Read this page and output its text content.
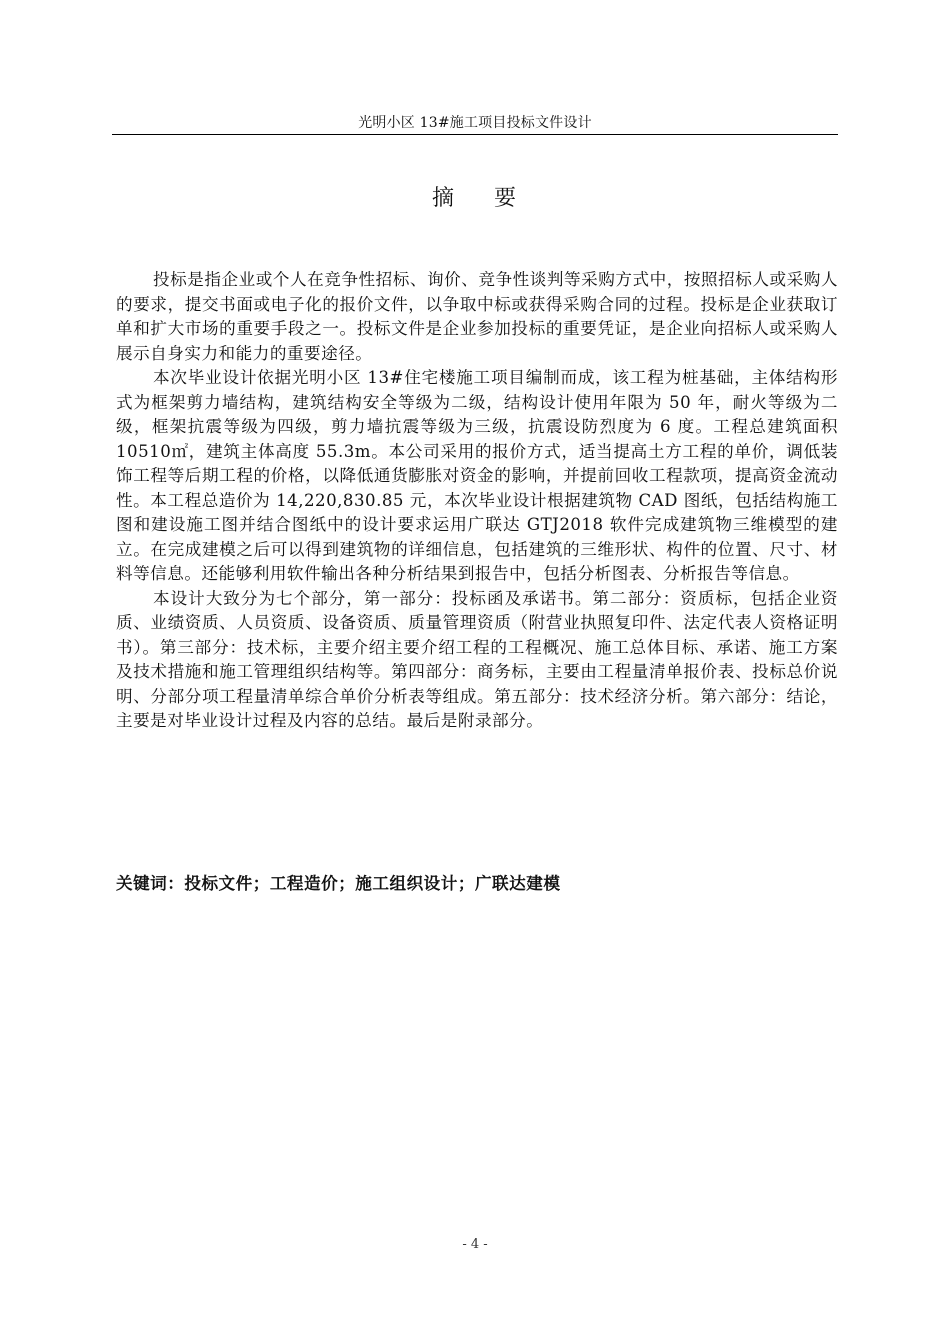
光明小区 13#施工项目投标文件设计
摘 要

投标是指企业或个人在竞争性招标、询价、竞争性谈判等采购方式中，按照招标人或采购人的要求，提交书面或电子化的报价文件，以争取中标或获得采购合同的过程。投标是企业获取订单和扩大市场的重要手段之一。投标文件是企业参加投标的重要凭证，是企业向招标人或采购人展示自身实力和能力的重要途径。

本次毕业设计依据光明小区 13#住宅楼施工项目编制而成，该工程为桩基础，主体结构形式为框架剪力墙结构，建筑结构安全等级为二级，结构设计使用年限为 50 年，耐火等级为二级，框架抗震等级为四级，剪力墙抗震等级为三级，抗震设防烈度为 6 度。工程总建筑面积 10510㎡，建筑主体高度 55.3m。本公司采用的报价方式，适当提高土方工程的单价，调低装饰工程等后期工程的价格，以降低通货膨胀对资金的影响，并提前回收工程款项，提高资金流动性。本工程总造价为 14,220,830.85 元，本次毕业设计根据建筑物 CAD 图纸，包括结构施工图和建设施工图并结合图纸中的设计要求运用广联达 GTJ2018 软件完成建筑物三维模型的建立。在完成建模之后可以得到建筑物的详细信息，包括建筑的三维形状、构件的位置、尺寸、材料等信息。还能够利用软件输出各种分析结果到报告中，包括分析图表、分析报告等信息。

本设计大致分为七个部分，第一部分：投标函及承诺书。第二部分：资质标，包括企业资质、业绩资质、人员资质、设备资质、质量管理资质（附营业执照复印件、法定代表人资格证明书）。第三部分：技术标，主要介绍主要介绍工程的工程概况、施工总体目标、承诺、施工方案及技术措施和施工管理组织结构等。第四部分：商务标，主要由工程量清单报价表、投标总价说明、分部分项工程量清单综合单价分析表等组成。第五部分：技术经济分析。第六部分：结论，主要是对毕业设计过程及内容的总结。最后是附录部分。

关键词：投标文件；工程造价；施工组织设计；广联达建模
- 4 -
